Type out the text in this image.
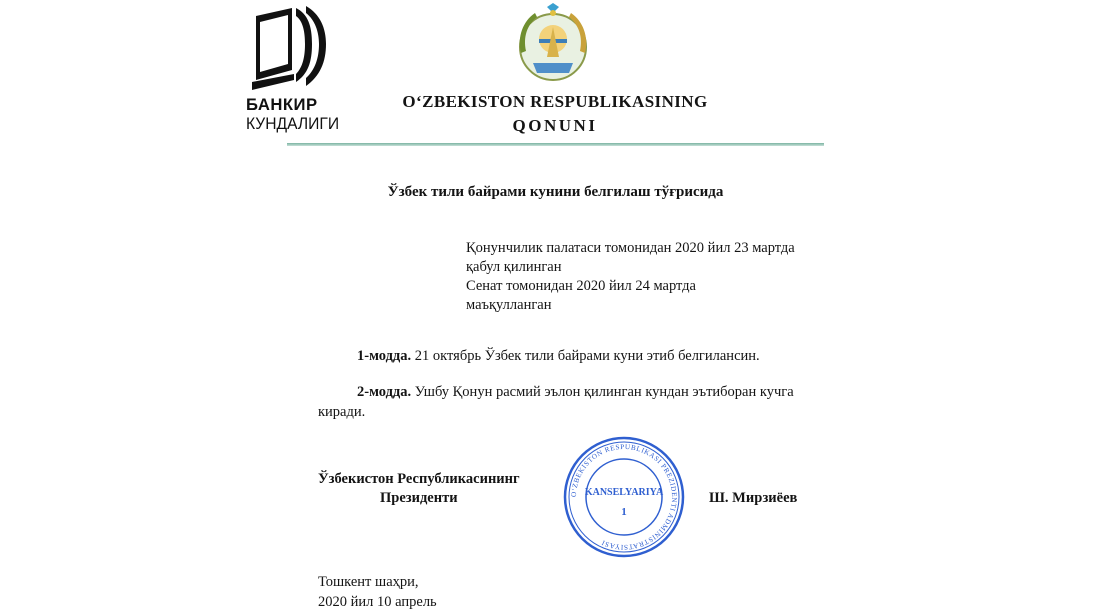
БАНКИР
КУНДАЛИГИ
O‘ZBEKISTON RESPUBLIKASINING
QONUNI
Ўзбек тили байрами кунини белгилаш тўғрисида
Қонунчилик палатаси томонидан 2020 йил 23 мартда
қабул қилинган
Сенат томонидан 2020 йил 24 мартда
маъқулланган
1-модда. 21 октябрь Ўзбек тили байрами куни этиб белгилансин.
2-модда. Ушбу Қонун расмий эълон қилинган кундан эътиборан кучга
киради.
Ўзбекистон Республикасининг
Президенти	Ш. Мирзиёев
O‘ZBEKISTON RESPUBLIKASI PREZIDENTI ADMINISTRATSIYASI
KANSELYARIYA
1
Тошкент шаҳри,
2020 йил 10 апрель
